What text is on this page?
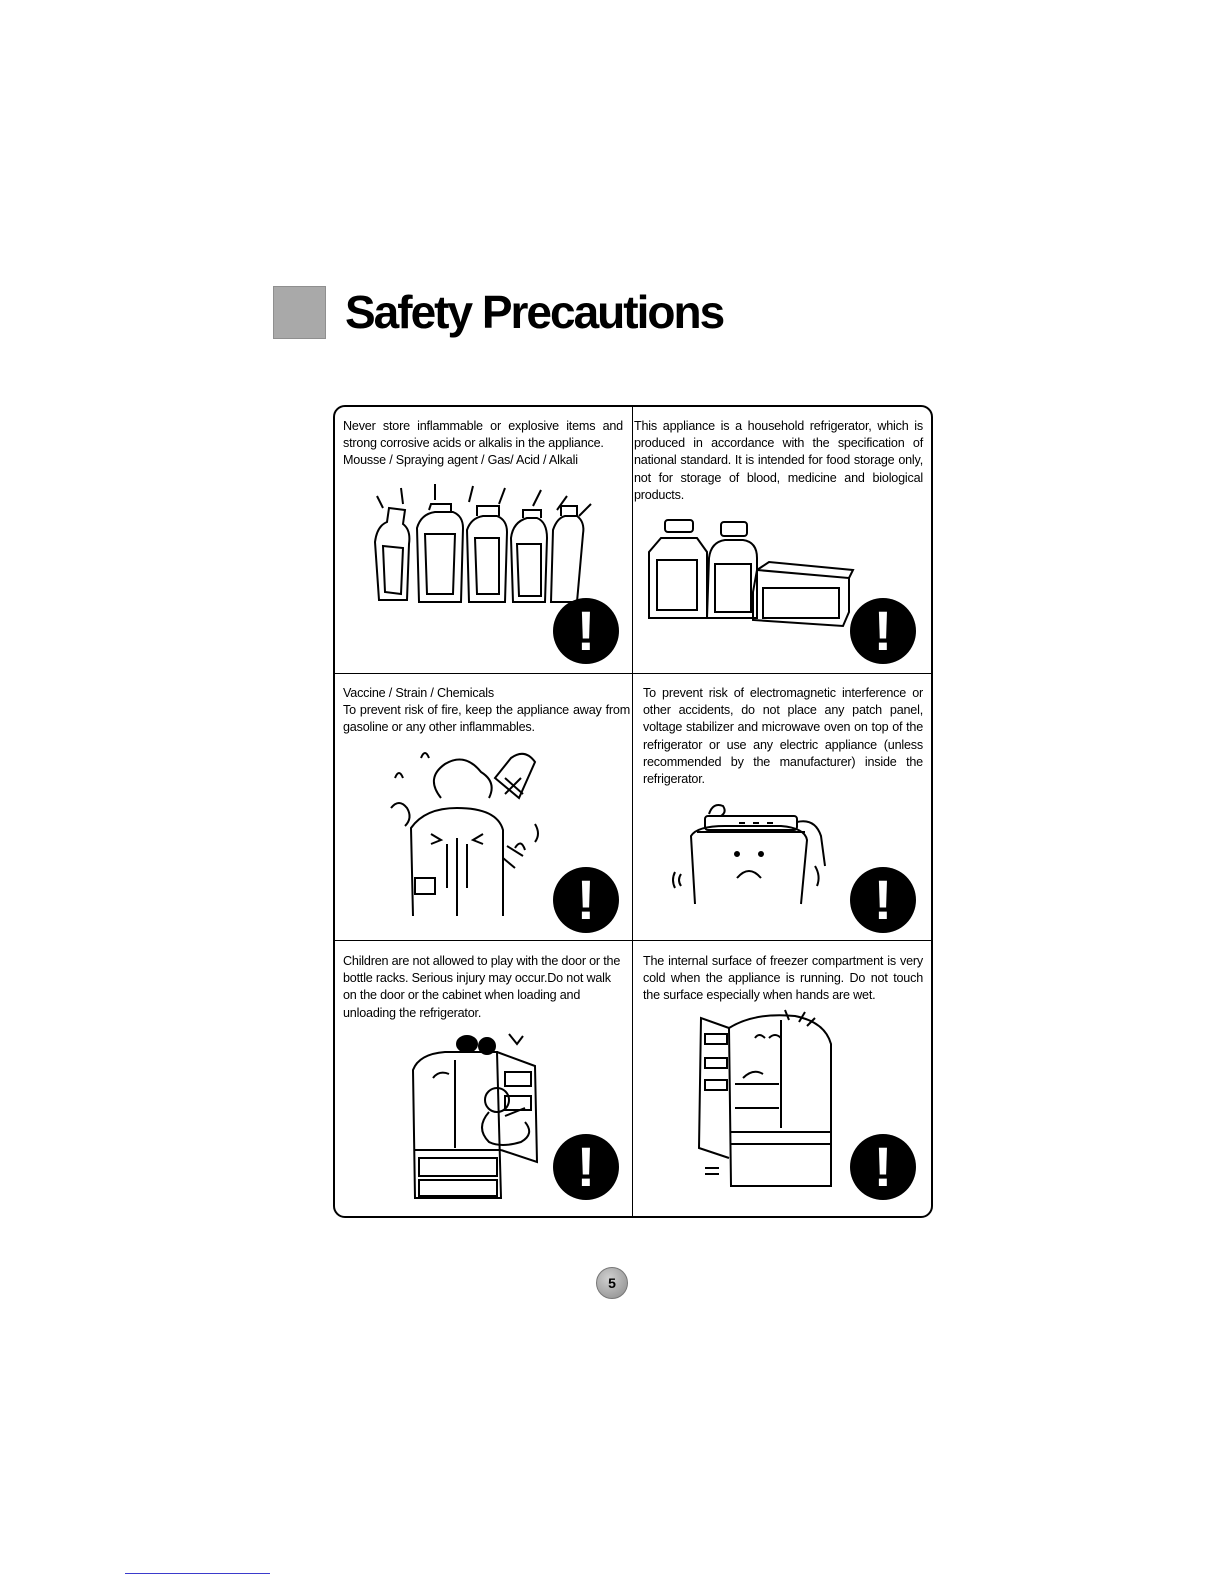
Safety Precautions

Never store inflammable or explosive items and strong corrosive acids or alkalis in the appliance.

Mousse / Spraying agent / Gas/ Acid / Alkali

!

This appliance is a household refrigerator, which is produced in accordance with the specification of national standard. It is intended for food storage only, not for storage of blood, medicine and biological products.

!

Vaccine / Strain / Chemicals

To prevent risk of fire, keep the appliance away from gasoline or any other inflammables.

!

To prevent risk of electromagnetic interference or other accidents, do not place any patch panel, voltage stabilizer and microwave oven on top of the refrigerator or use any electric appliance (unless recommended by the manufacturer) inside the refrigerator.

!

Children are not allowed to play with the door or the bottle racks. Serious injury may occur.Do not walk on the door or the cabinet when loading and unloading the refrigerator.

!

The internal surface of freezer compartment is very cold when the appliance is running. Do not touch the surface especially when hands are wet.

!
5
